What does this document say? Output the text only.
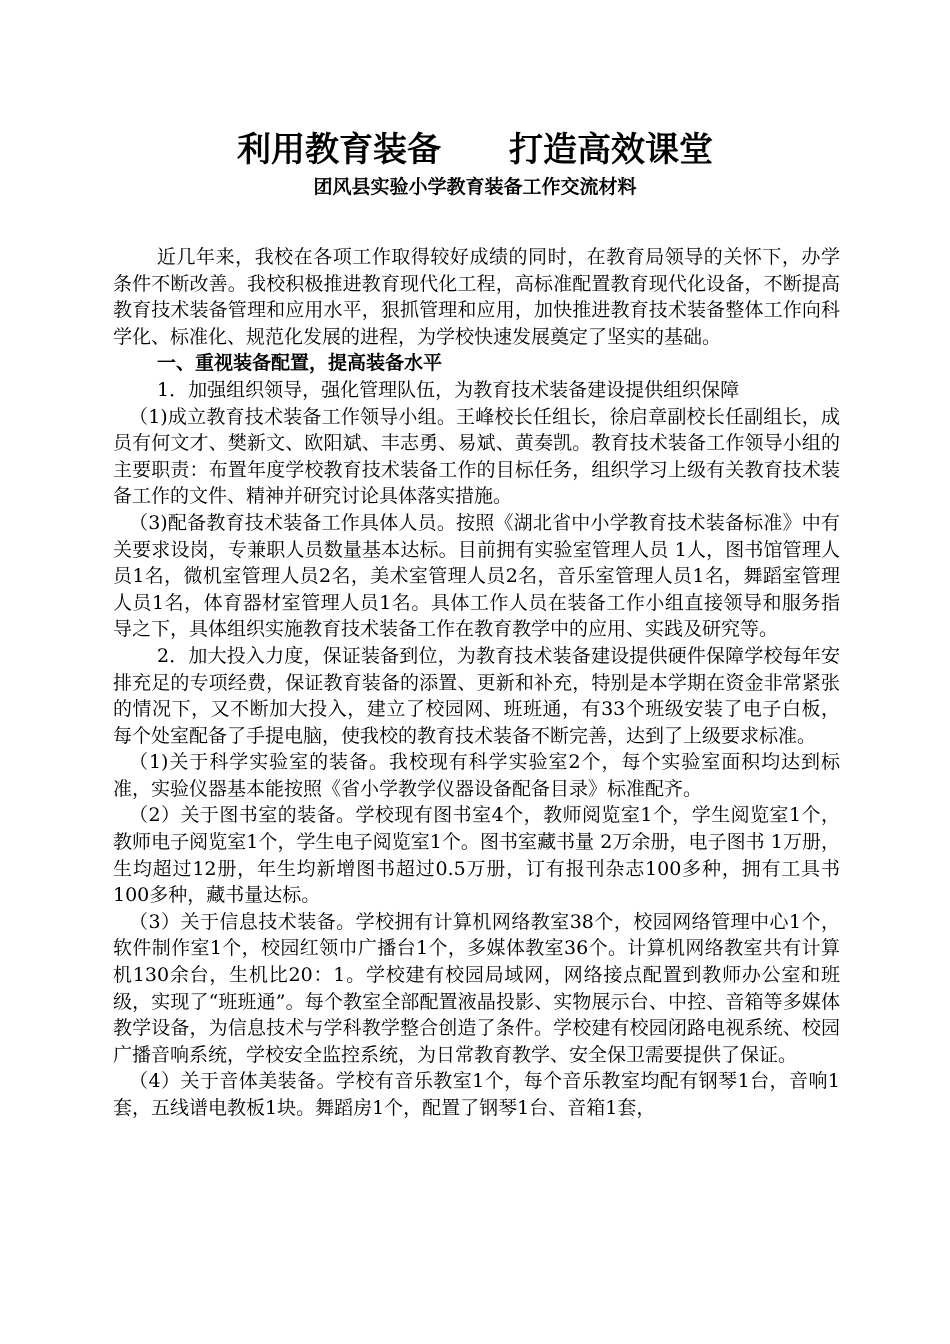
利用教育装备　　打造高效课堂
团风县实验小学教育装备工作交流材料

近几年来，我校在各项工作取得较好成绩的同时，在教育局领导的关怀下，办学条件不断改善。我校积极推进教育现代化工程，高标准配置教育现代化设备，不断提高教育技术装备管理和应用水平，狠抓管理和应用，加快推进教育技术装备整体工作向科学化、标准化、规范化发展的进程，为学校快速发展奠定了坚实的基础。

一、重视装备配置，提高装备水平

1．加强组织领导，强化管理队伍，为教育技术装备建设提供组织保障

（1)成立教育技术装备工作领导小组。王峰校长任组长，徐启章副校长任副组长，成员有何文才、樊新文、欧阳斌、丰志勇、易斌、黄奏凯。教育技术装备工作领导小组的主要职责：布置年度学校教育技术装备工作的目标任务，组织学习上级有关教育技术装备工作的文件、精神并研究讨论具体落实措施。

（3)配备教育技术装备工作具体人员。按照《湖北省中小学教育技术装备标准》中有关要求设岗，专兼职人员数量基本达标。目前拥有实验室管理人员 1人，图书馆管理人员1名，微机室管理人员2名，美术室管理人员2名，音乐室管理人员1名，舞蹈室管理人员1名，体育器材室管理人员1名。具体工作人员在装备工作小组直接领导和服务指导之下，具体组织实施教育技术装备工作在教育教学中的应用、实践及研究等。

2．加大投入力度，保证装备到位，为教育技术装备建设提供硬件保障学校每年安排充足的专项经费，保证教育装备的添置、更新和补充，特别是本学期在资金非常紧张的情况下，又不断加大投入，建立了校园网、班班通，有33个班级安装了电子白板，每个处室配备了手提电脑，使我校的教育技术装备不断完善，达到了上级要求标准。

（1)关于科学实验室的装备。我校现有科学实验室2个，每个实验室面积均达到标准，实验仪器基本能按照《省小学教学仪器设备配备目录》标准配齐。

（2）关于图书室的装备。学校现有图书室4个，教师阅览室1个，学生阅览室1个，教师电子阅览室1个，学生电子阅览室1个。图书室藏书量 2万余册，电子图书 1万册，生均超过12册，年生均新增图书超过0.5万册，订有报刊杂志100多种，拥有工具书100多种，藏书量达标。

（3）关于信息技术装备。学校拥有计算机网络教室38个，校园网络管理中心1个，软件制作室1个，校园红领巾广播台1个，多媒体教室36个。计算机网络教室共有计算机130余台，生机比20：1。学校建有校园局域网，网络接点配置到教师办公室和班级，实现了“班班通”。每个教室全部配置液晶投影、实物展示台、中控、音箱等多媒体教学设备，为信息技术与学科教学整合创造了条件。学校建有校园闭路电视系统、校园广播音响系统，学校安全监控系统，为日常教育教学、安全保卫需要提供了保证。

（4）关于音体美装备。学校有音乐教室1个，每个音乐教室均配有钢琴1台，音响1套，五线谱电教板1块。舞蹈房1个，配置了钢琴1台、音箱1套，
